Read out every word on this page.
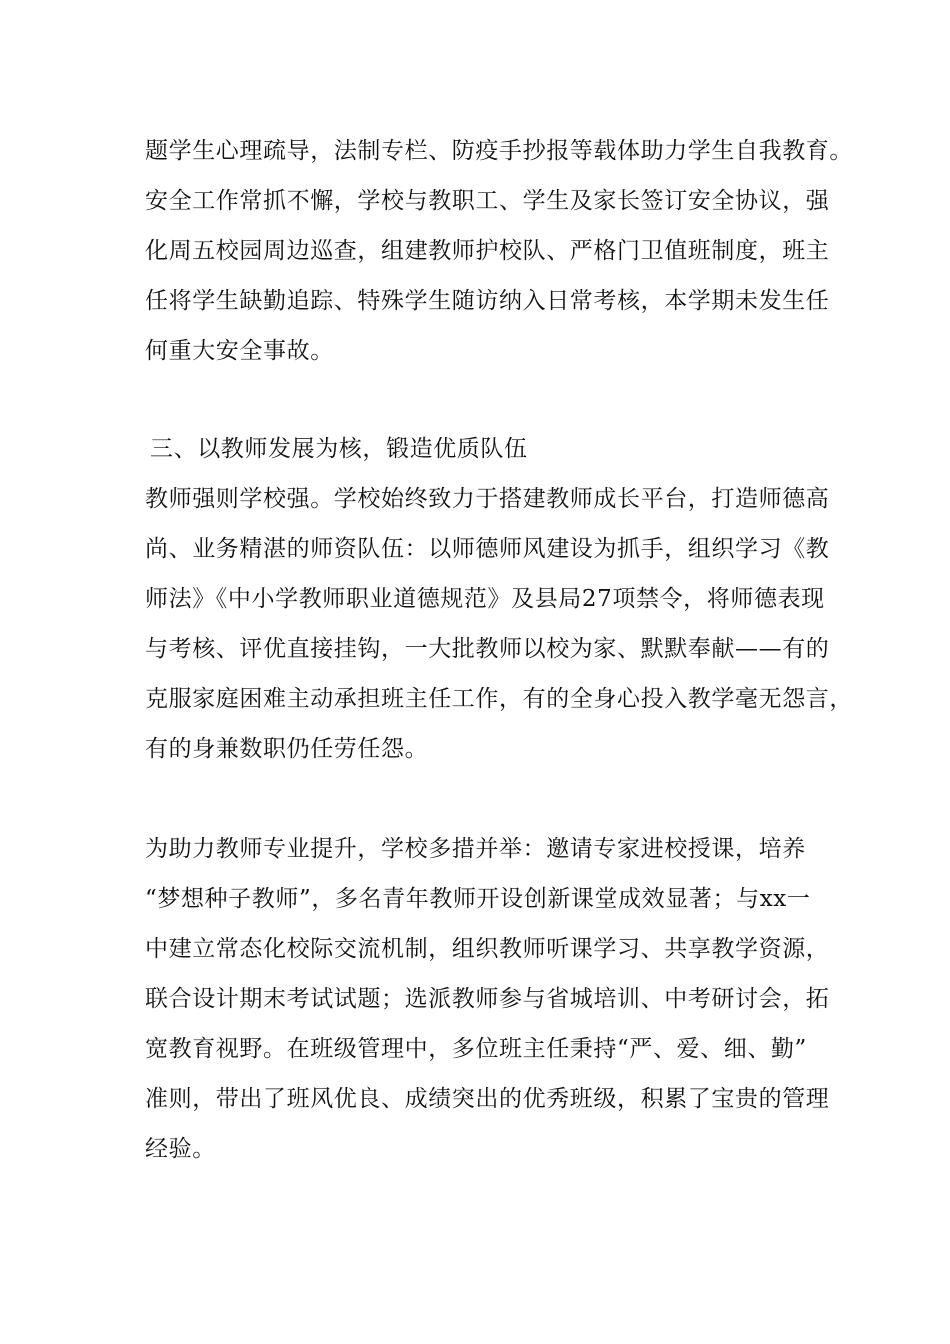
题学生心理疏导，法制专栏、防疫手抄报等载体助力学生自我教育。
安全工作常抓不懈，学校与教职工、学生及家长签订安全协议，强
化周五校园周边巡查，组建教师护校队、严格门卫值班制度，班主
任将学生缺勤追踪、特殊学生随访纳入日常考核，本学期未发生任
何重大安全事故。
三、以教师发展为核，锻造优质队伍
教师强则学校强。学校始终致力于搭建教师成长平台，打造师德高
尚、业务精湛的师资队伍：以师德师风建设为抓手，组织学习《教
师法》《中小学教师职业道德规范》及县局27项禁令，将师德表现
与考核、评优直接挂钩，一大批教师以校为家、默默奉献——有的
克服家庭困难主动承担班主任工作，有的全身心投入教学毫无怨言，
有的身兼数职仍任劳任怨。
为助力教师专业提升，学校多措并举：邀请专家进校授课，培养
“梦想种子教师”，多名青年教师开设创新课堂成效显著；与xx一
中建立常态化校际交流机制，组织教师听课学习、共享教学资源，
联合设计期末考试试题；选派教师参与省城培训、中考研讨会，拓
宽教育视野。在班级管理中，多位班主任秉持“严、爱、细、勤”
准则，带出了班风优良、成绩突出的优秀班级，积累了宝贵的管理
经验。
